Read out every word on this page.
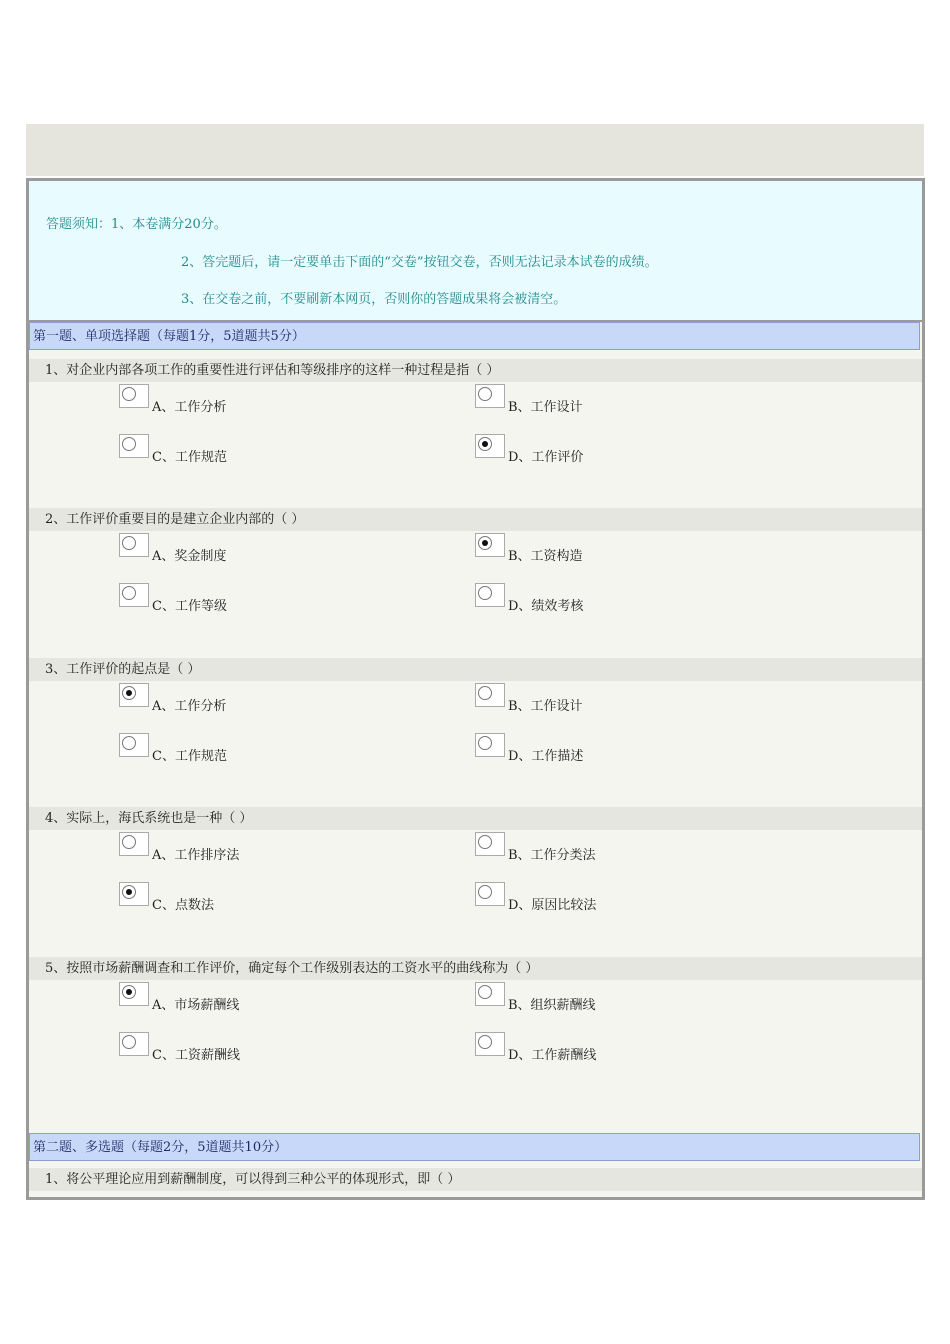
答题须知：1、本卷满分20分。
2、答完题后，请一定要单击下面的“交卷”按钮交卷，否则无法记录本试卷的成绩。
3、在交卷之前，不要刷新本网页，否则你的答题成果将会被清空。
第一题、单项选择题（每题1分，5道题共5分）
1、对企业内部各项工作的重要性进行评估和等级排序的这样一种过程是指（ ）
A、工作分析	B、工作设计
C、工作规范	D、工作评价
2、工作评价重要目的是建立企业内部的（ ）
A、奖金制度	B、工资构造
C、工作等级	D、绩效考核
3、工作评价的起点是（ ）
A、工作分析	B、工作设计
C、工作规范	D、工作描述
4、实际上，海氏系统也是一种（ ）
A、工作排序法	B、工作分类法
C、点数法	D、原因比较法
5、按照市场薪酬调查和工作评价，确定每个工作级别表达的工资水平的曲线称为（ ）
A、市场薪酬线	B、组织薪酬线
C、工资薪酬线	D、工作薪酬线
第二题、多选题（每题2分，5道题共10分）
1、将公平理论应用到薪酬制度，可以得到三种公平的体现形式，即（ ）
